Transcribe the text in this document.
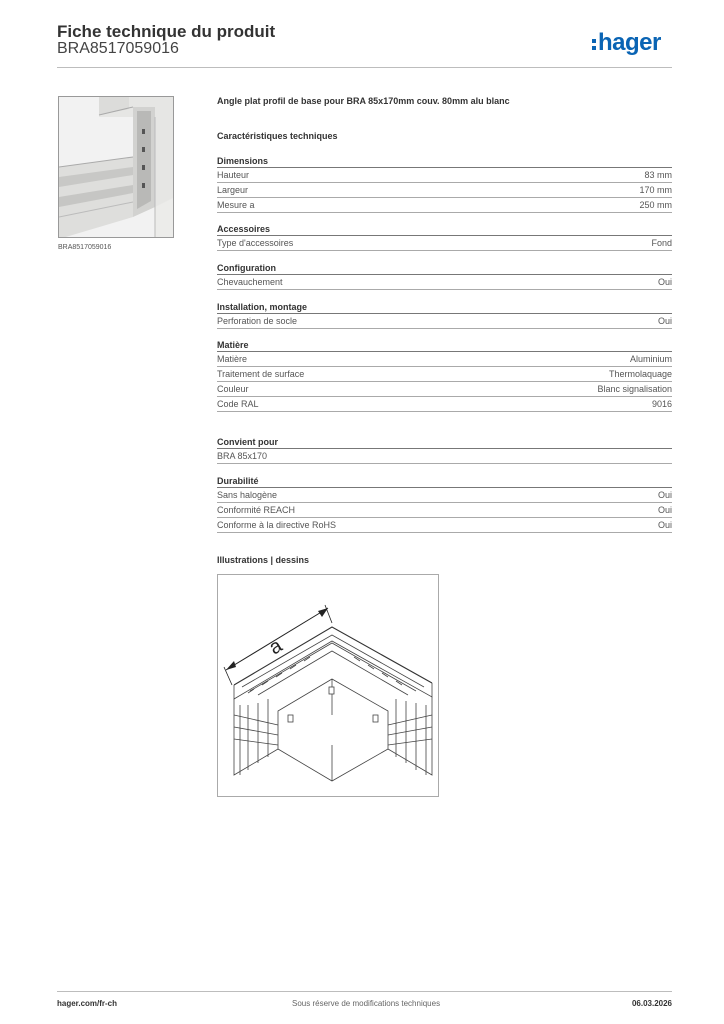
Fiche technique du produit
BRA8517059016	hager
BRA8517059016
Angle plat profil de base pour BRA 85x170mm couv. 80mm alu blanc
Caractéristiques techniques
Dimensions
Hauteur	83 mm
Largeur	170 mm
Mesure a	250 mm
Accessoires
Type d'accessoires	Fond
Configuration
Chevauchement	Oui
Installation, montage
Perforation de socle	Oui
Matière
Matière	Aluminium
Traitement de surface	Thermolaquage
Couleur	Blanc signalisation
Code RAL	9016
Convient pour
BRA 85x170
Durabilité
Sans halogène	Oui
Conformité REACH	Oui
Conforme à la directive RoHS	Oui
Illustrations | dessins
a
hager.com/fr-ch	Sous réserve de modifications techniques	06.03.2026
